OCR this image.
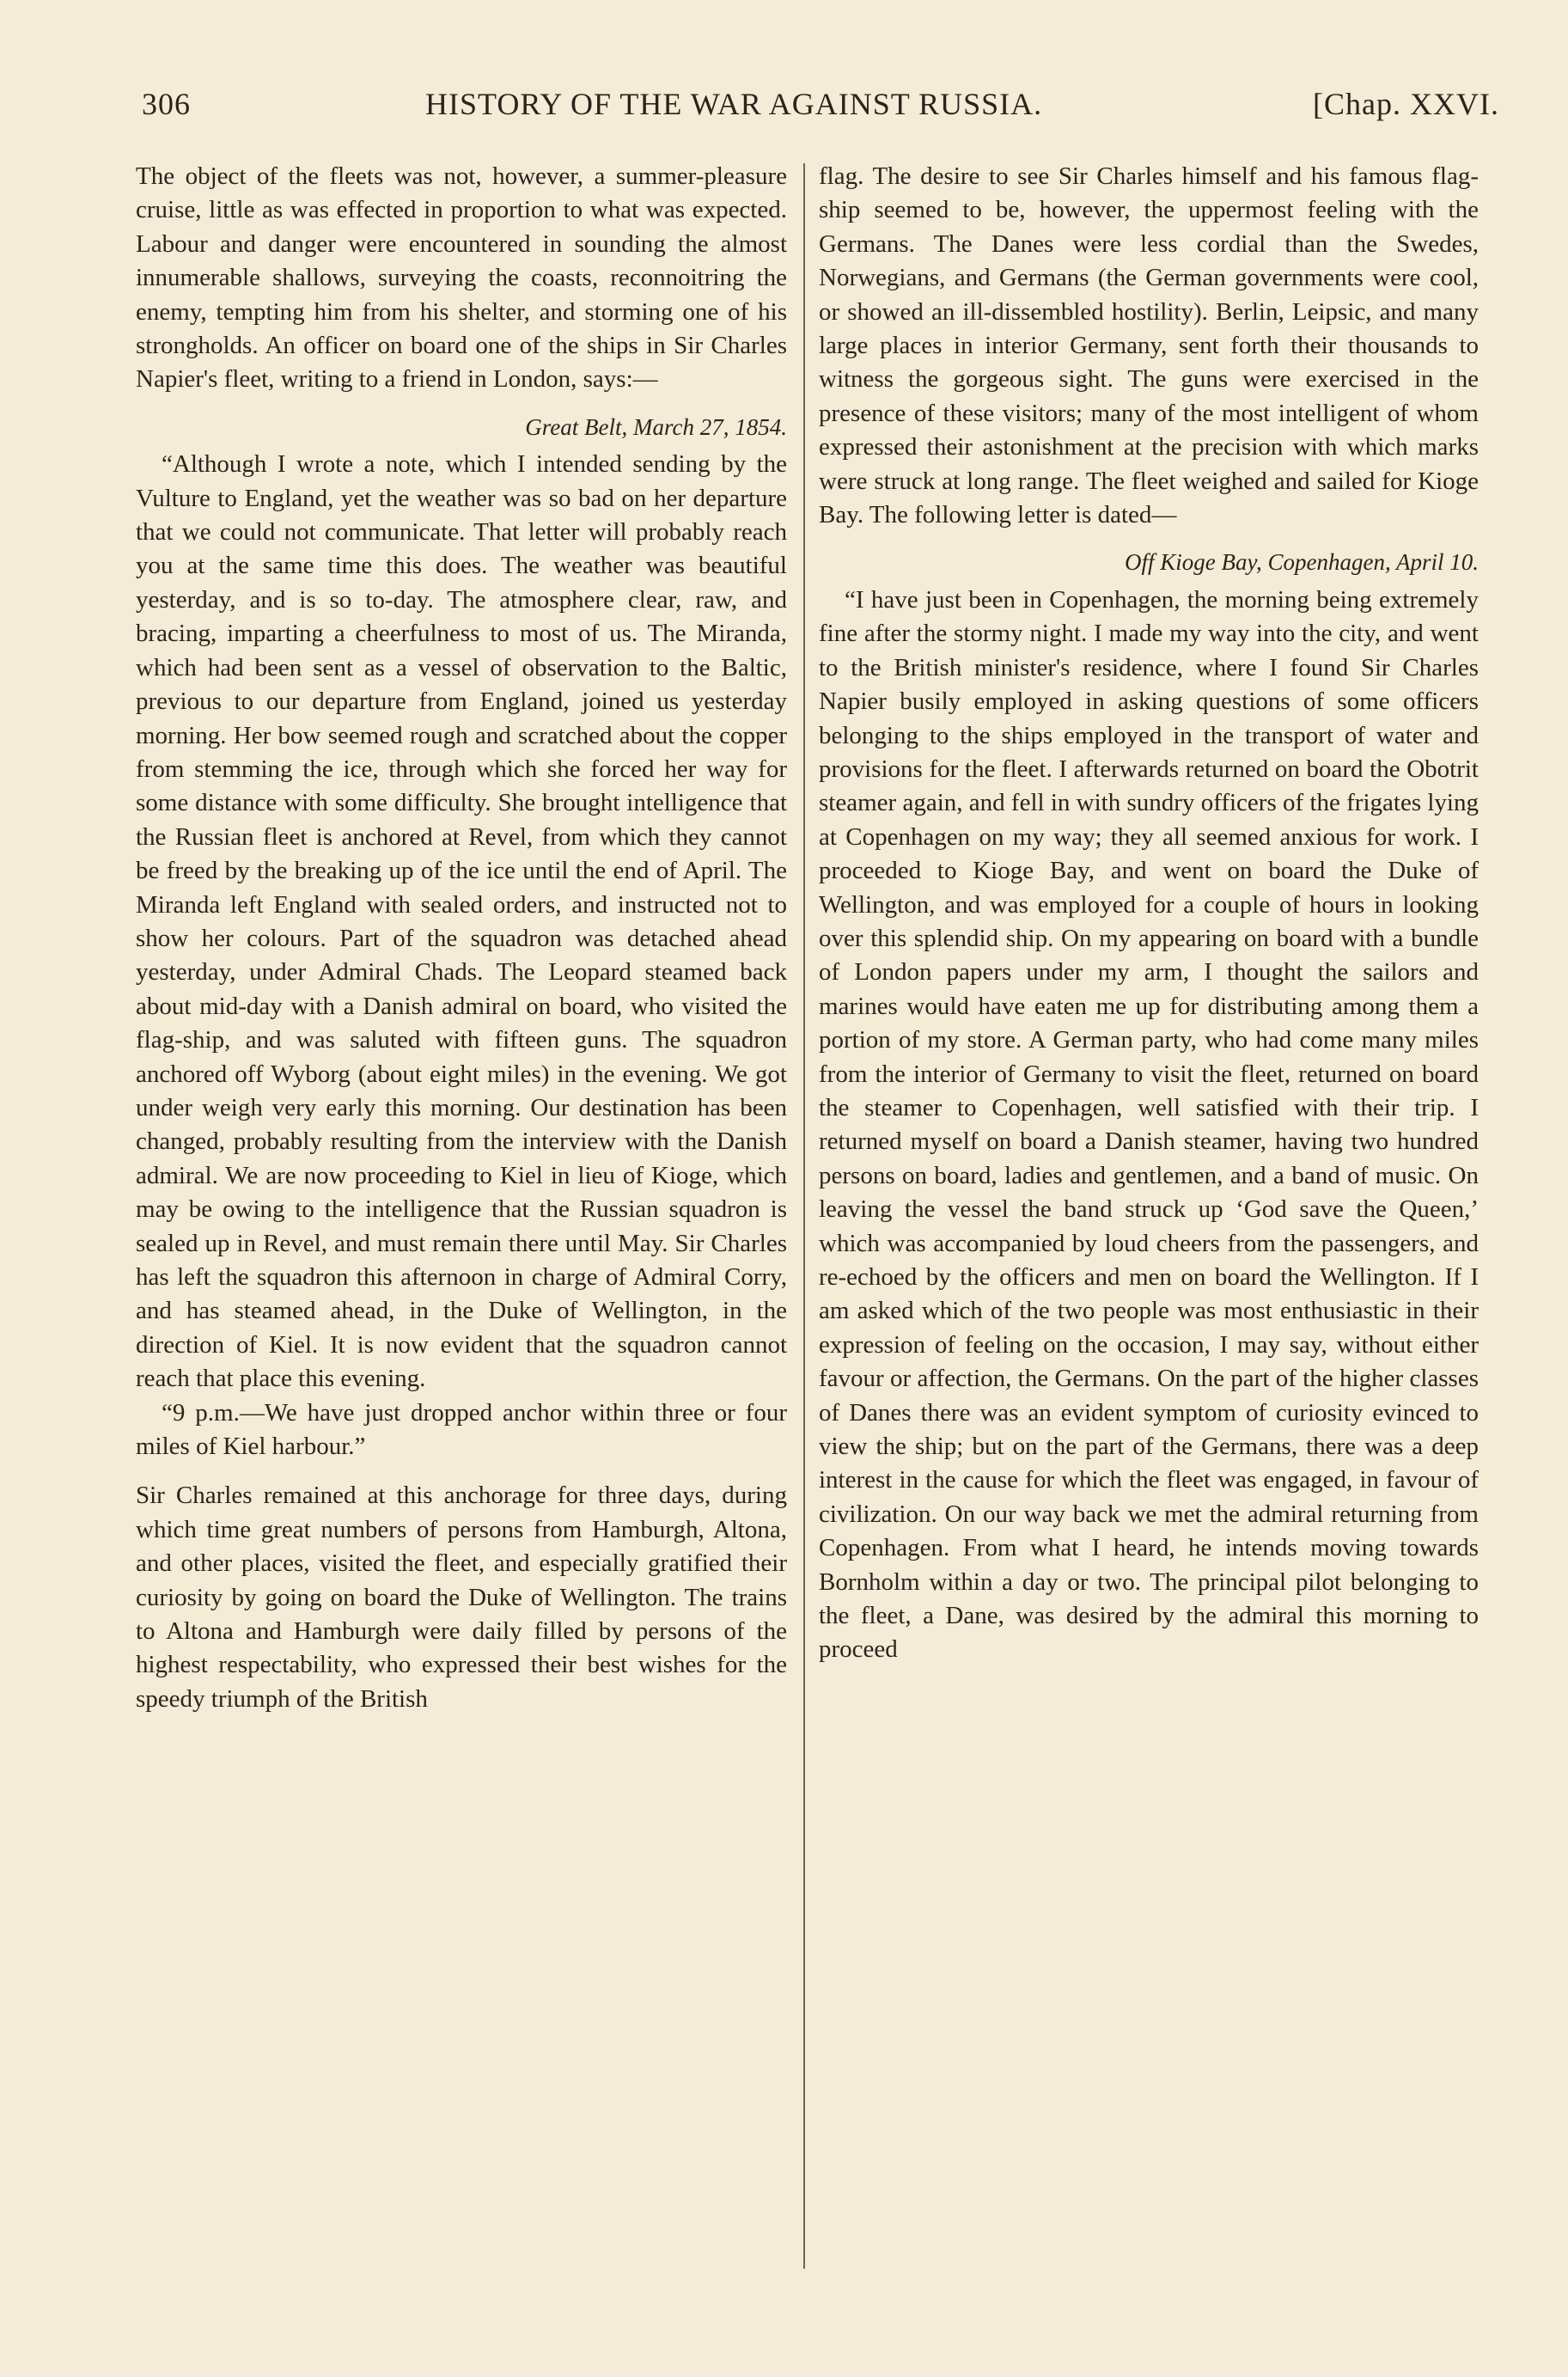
306	HISTORY OF THE WAR AGAINST RUSSIA.	[Chap. XXVI.

The object of the fleets was not, however, a summer-pleasure cruise, little as was effected in proportion to what was expected. Labour and danger were encountered in sounding the almost innumerable shallows, surveying the coasts, reconnoitring the enemy, tempting him from his shelter, and storming one of his strongholds. An officer on board one of the ships in Sir Charles Napier's fleet, writing to a friend in London, says:—

Great Belt, March 27, 1854.

“Although I wrote a note, which I intended sending by the Vulture to England, yet the weather was so bad on her departure that we could not communicate. That letter will probably reach you at the same time this does. The weather was beautiful yesterday, and is so to-day. The atmosphere clear, raw, and bracing, imparting a cheerfulness to most of us. The Miranda, which had been sent as a vessel of observation to the Baltic, previous to our departure from England, joined us yesterday morning. Her bow seemed rough and scratched about the copper from stemming the ice, through which she forced her way for some distance with some difficulty. She brought intelligence that the Russian fleet is anchored at Revel, from which they cannot be freed by the breaking up of the ice until the end of April. The Miranda left England with sealed orders, and instructed not to show her colours. Part of the squadron was detached ahead yesterday, under Admiral Chads. The Leopard steamed back about mid-day with a Danish admiral on board, who visited the flag-ship, and was saluted with fifteen guns. The squadron anchored off Wyborg (about eight miles) in the evening. We got under weigh very early this morning. Our destination has been changed, probably resulting from the interview with the Danish admiral. We are now proceeding to Kiel in lieu of Kioge, which may be owing to the intelligence that the Russian squadron is sealed up in Revel, and must remain there until May. Sir Charles has left the squadron this afternoon in charge of Admiral Corry, and has steamed ahead, in the Duke of Wellington, in the direction of Kiel. It is now evident that the squadron cannot reach that place this evening.

“9 p.m.—We have just dropped anchor within three or four miles of Kiel harbour.”

Sir Charles remained at this anchorage for three days, during which time great numbers of persons from Hamburgh, Altona, and other places, visited the fleet, and especially gratified their curiosity by going on board the Duke of Wellington. The trains to Altona and Hamburgh were daily filled by persons of the highest respectability, who expressed their best wishes for the speedy triumph of the British

flag. The desire to see Sir Charles himself and his famous flag-ship seemed to be, however, the uppermost feeling with the Germans. The Danes were less cordial than the Swedes, Norwegians, and Germans (the German governments were cool, or showed an ill-dissembled hostility). Berlin, Leipsic, and many large places in interior Germany, sent forth their thousands to witness the gorgeous sight. The guns were exercised in the presence of these visitors; many of the most intelligent of whom expressed their astonishment at the precision with which marks were struck at long range. The fleet weighed and sailed for Kioge Bay. The following letter is dated—

Off Kioge Bay, Copenhagen, April 10.

“I have just been in Copenhagen, the morning being extremely fine after the stormy night. I made my way into the city, and went to the British minister's residence, where I found Sir Charles Napier busily employed in asking questions of some officers belonging to the ships employed in the transport of water and provisions for the fleet. I afterwards returned on board the Obotrit steamer again, and fell in with sundry officers of the frigates lying at Copenhagen on my way; they all seemed anxious for work. I proceeded to Kioge Bay, and went on board the Duke of Wellington, and was employed for a couple of hours in looking over this splendid ship. On my appearing on board with a bundle of London papers under my arm, I thought the sailors and marines would have eaten me up for distributing among them a portion of my store. A German party, who had come many miles from the interior of Germany to visit the fleet, returned on board the steamer to Copenhagen, well satisfied with their trip. I returned myself on board a Danish steamer, having two hundred persons on board, ladies and gentlemen, and a band of music. On leaving the vessel the band struck up ‘God save the Queen,’ which was accompanied by loud cheers from the passengers, and re-echoed by the officers and men on board the Wellington. If I am asked which of the two people was most enthusiastic in their expression of feeling on the occasion, I may say, without either favour or affection, the Germans. On the part of the higher classes of Danes there was an evident symptom of curiosity evinced to view the ship; but on the part of the Germans, there was a deep interest in the cause for which the fleet was engaged, in favour of civilization. On our way back we met the admiral returning from Copenhagen. From what I heard, he intends moving towards Bornholm within a day or two. The principal pilot belonging to the fleet, a Dane, was desired by the admiral this morning to proceed
